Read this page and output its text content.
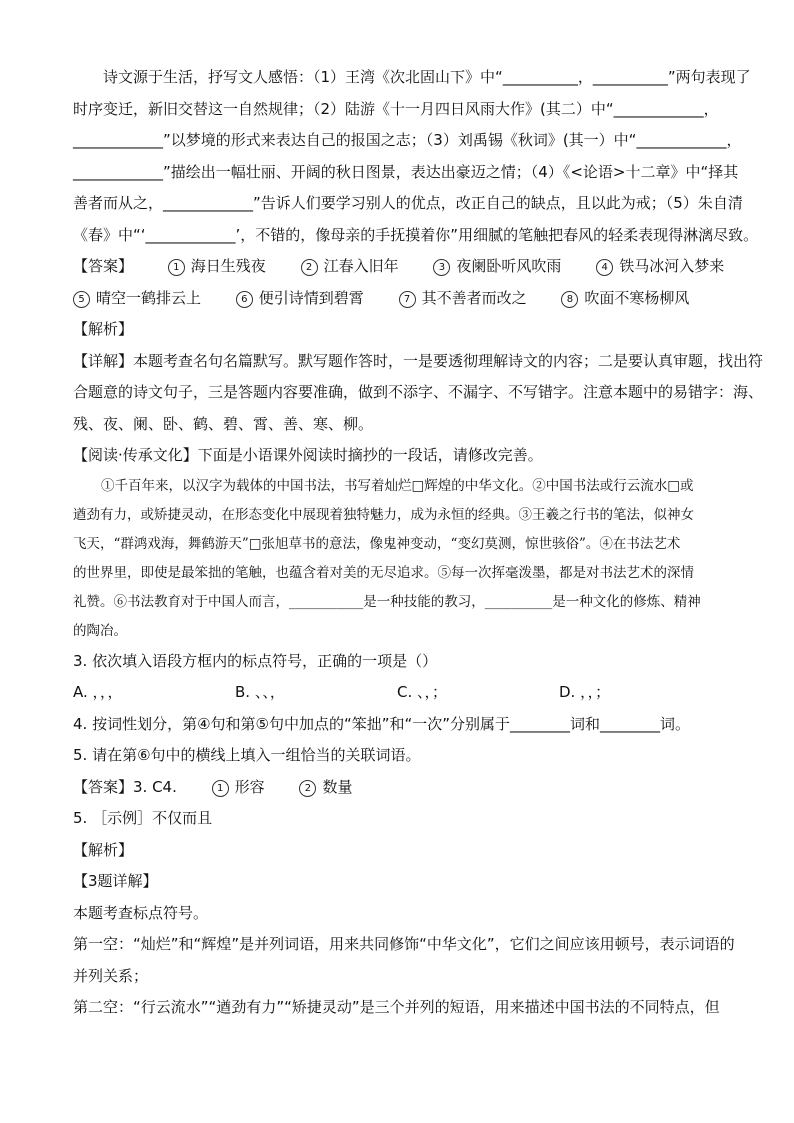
诗文源于生活，抒写文人感悟：（1）王湾《次北固山下》中“__________，__________”两句表现了

时序变迁，新旧交替这一自然规律；（2）陆游《十一月四日风雨大作》(其二）中“____________，

____________”以梦境的形式来表达自己的报国之志；（3）刘禹锡《秋词》(其一）中“____________，

____________”描绘出一幅壮丽、开阔的秋日图景，表达出豪迈之情；（4）《<论语>十二章》中“择其

善者而从之，____________”告诉人们要学习别人的优点，改正自己的缺点，且以此为戒；（5）朱自清

《春》中“‘____________’，不错的，像母亲的手抚摸着你”用细腻的笔触把春风的轻柔表现得淋漓尽致。

【答案】	1 海日生残夜	2 江春入旧年	3 夜阑卧听风吹雨	4 铁马冰河入梦来

5 晴空一鹤排云上	6 便引诗情到碧霄	7 其不善者而改之	8 吹面不寒杨柳风

【解析】

【详解】本题考查名句名篇默写。默写题作答时，一是要透彻理解诗文的内容；二是要认真审题，找出符

合题意的诗文句子，三是答题内容要准确，做到不添字、不漏字、不写错字。注意本题中的易错字：海、

残、夜、阑、卧、鹤、碧、霄、善、寒、柳。

【阅读·传承文化】下面是小语课外阅读时摘抄的一段话，请修改完善。

①千百年来，以汉字为载体的中国书法，书写着灿烂□辉煌的中华文化。②中国书法或行云流水□或

遒劲有力，或矫捷灵动，在形态变化中展现着独特魅力，成为永恒的经典。③王羲之行书的笔法，似神女

飞天，“群鸿戏海，舞鹤游天”□张旭草书的意法，像鬼神变动，“变幻莫测，惊世骇俗”。④在书法艺术

的世界里，即使是最笨拙的笔触，也蕴含着对美的无尽追求。⑤每一次挥毫泼墨，都是对书法艺术的深情

礼赞。⑥书法教育对于中国人而言，___________是一种技能的教习，__________是一种文化的修炼、精神

的陶冶。

3. 依次填入语段方框内的标点符号，正确的一项是（）

A. ，，，	B. 、、，	C. 、，；	D. ，，；

4. 按词性划分，第④句和第⑤句中加点的“笨拙”和“一次”分别属于________词和________词。

5. 请在第⑥句中的横线上填入一组恰当的关联词语。

【答案】3. C4.	1 形容	2 数量

5. ［示例］不仅而且

【解析】

【3题详解】

本题考查标点符号。

第一空：“灿烂”和“辉煌”是并列词语，用来共同修饰“中华文化”，它们之间应该用顿号，表示词语的

并列关系；

第二空：“行云流水”“遒劲有力”“矫捷灵动”是三个并列的短语，用来描述中国书法的不同特点，但
